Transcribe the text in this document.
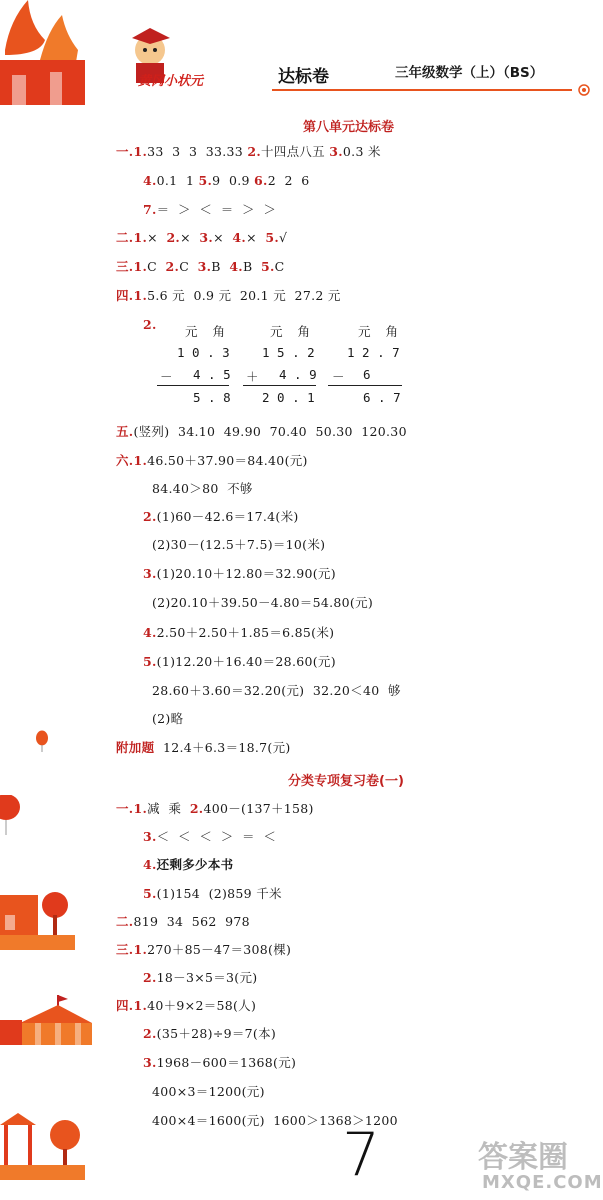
黄冈小状元	达标卷	三年级数学（上）（BS）
第八单元达标卷
一.1.33  3  3  33.33 2.十四点八五 3.0.3 米
4.0.1  1 5.9  0.9 6.2  2  6
7.＝  ＞  ＜  ＝  ＞  ＞
二.1.×  2.×  3.×  4.×  5.√
三.1.C  2.C  3.B  4.B  5.C
四.1.5.6 元  0.9 元  20.1 元  27.2 元
2. 元  角
1 0 . 3
－ 4 . 5
5 . 8
元  角
1 5 . 2
＋ 4 . 9
2 0 . 1
元  角
1 2 . 7
－ 6
6 . 7
五.(竖列)  34.10  49.90  70.40  50.30  120.30
六.1.46.50＋37.90＝84.40(元)
84.40＞80  不够
2.(1)60－42.6＝17.4(米)
(2)30－(12.5＋7.5)＝10(米)
3.(1)20.10＋12.80＝32.90(元)
(2)20.10＋39.50－4.80＝54.80(元)
4.2.50＋2.50＋1.85＝6.85(米)
5.(1)12.20＋16.40＝28.60(元)
28.60＋3.60＝32.20(元)  32.20＜40  够
(2)略
附加题  12.4＋6.3＝18.7(元)
分类专项复习卷(一)
一.1.减  乘  2.400－(137＋158)
3.＜  ＜  ＜  ＞  ＝  ＜
4.还剩多少本书
5.(1)154  (2)859 千米
二.819  34  562  978
三.1.270＋85－47＝308(棵)
2.18－3×5＝3(元)
四.1.40＋9×2＝58(人)
2.(35＋28)÷9＝7(本)
3.1968－600＝1368(元)
400×3＝1200(元)
400×4＝1600(元)  1600＞1368＞1200
7	答案圈
MXQE.COM
